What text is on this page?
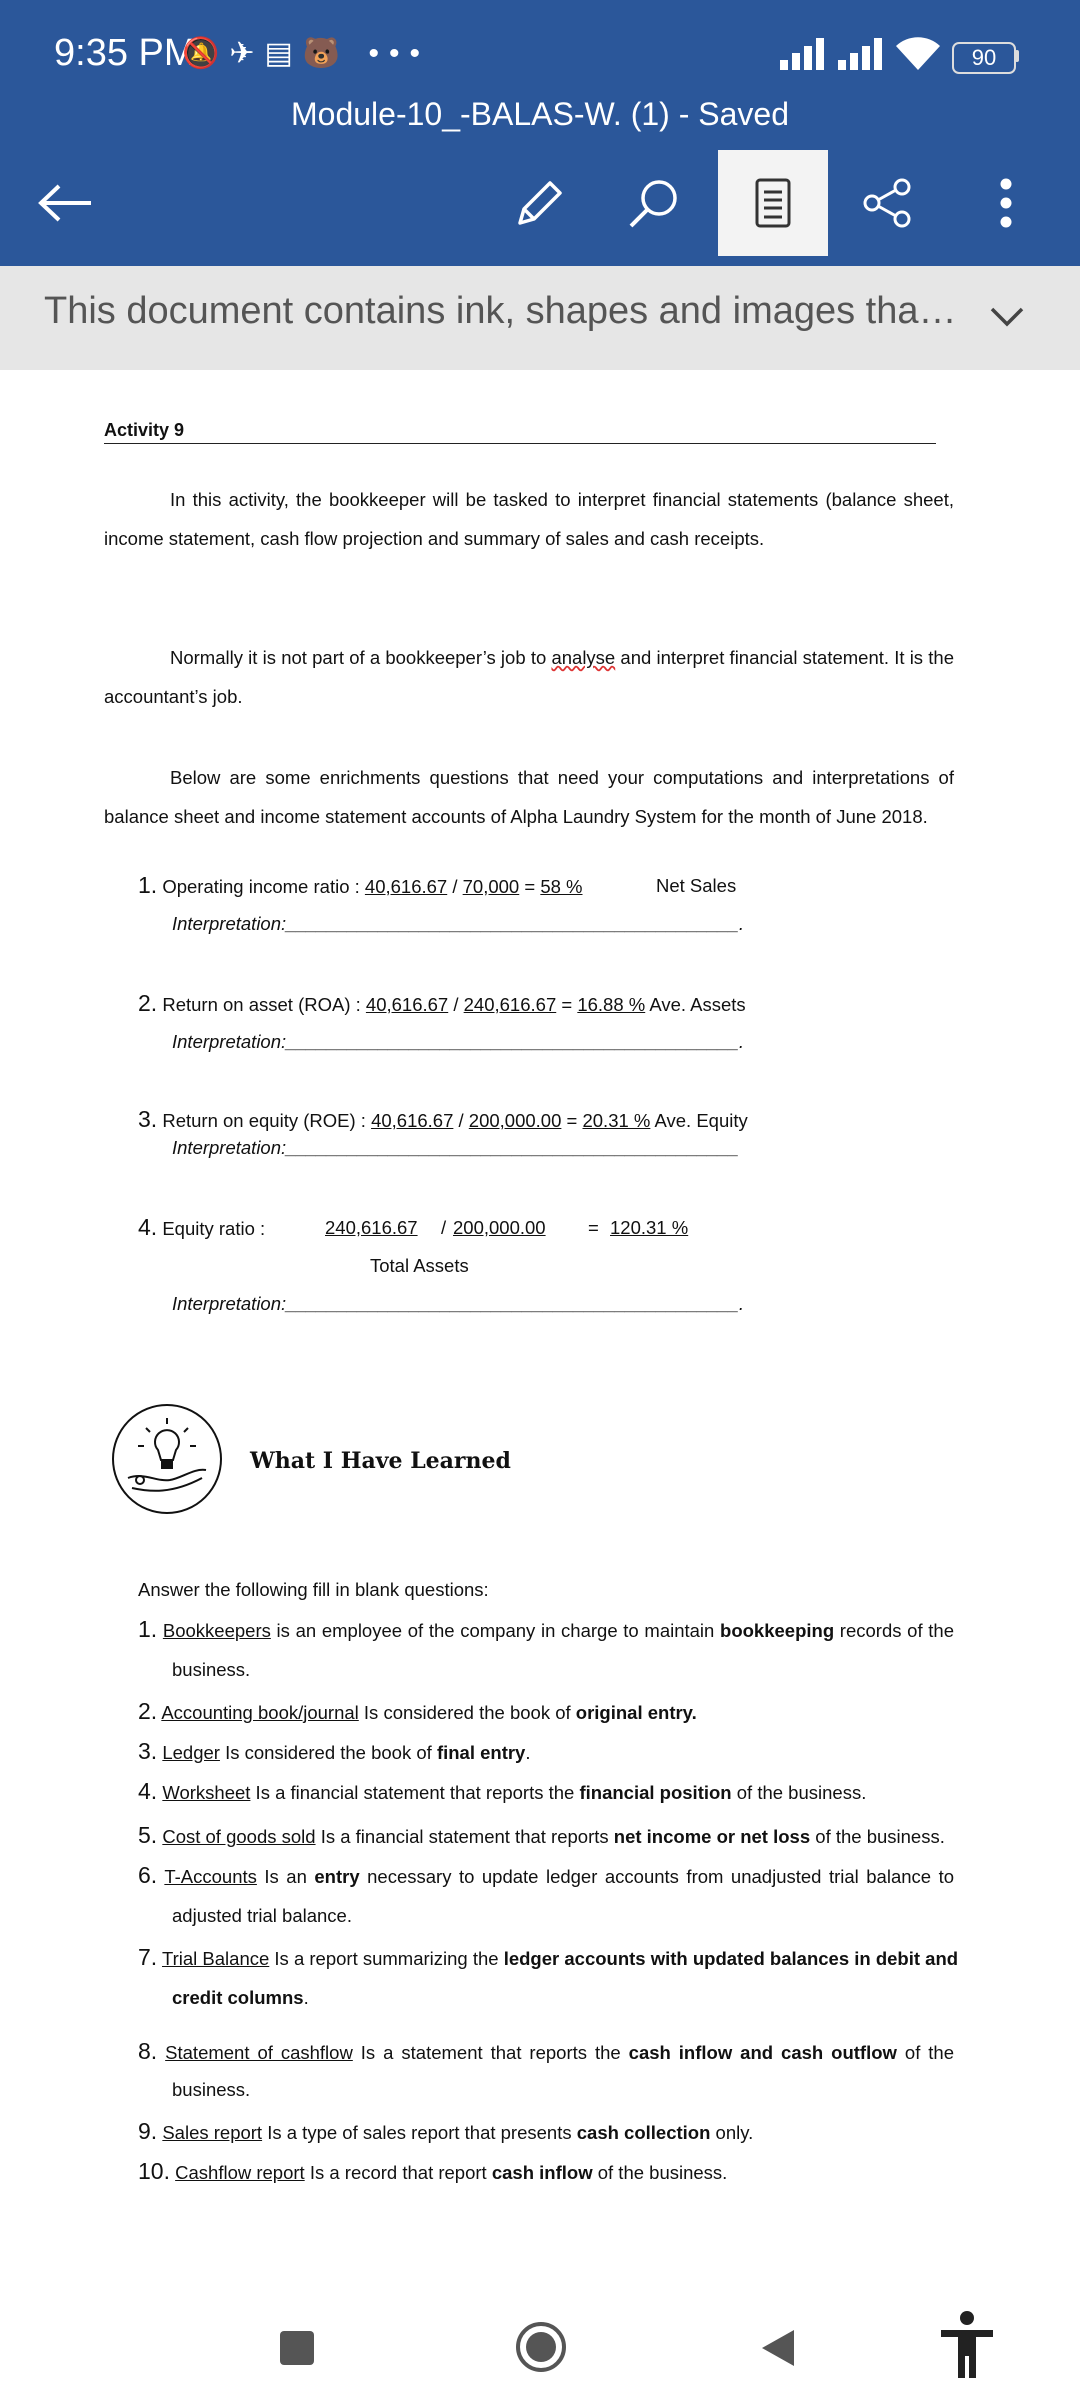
9:35 PM
🔕✈▤🐻 •••	90
Module-10_-BALAS-W. (1) - Saved
This document contains ink, shapes and images tha…
Activity 9
In this activity, the bookkeeper will be tasked to interpret financial statements (balance sheet,
income statement, cash flow projection and summary of sales and cash receipts.
Normally it is not part of a bookkeeper’s job to analyse and interpret financial statement. It is the
accountant’s job.
Below are some enrichments questions that need your computations and interpretations of
balance sheet and income statement accounts of Alpha Laundry System for the month of June 2018.
1. Operating income ratio : 40,616.67 / 70,000 = 58 %	Net Sales
Interpretation:____________________________________________.
2. Return on asset (ROA) : 40,616.67 / 240,616.67 = 16.88 % Ave. Assets
Interpretation:____________________________________________.
3. Return on equity (ROE) : 40,616.67 / 200,000.00 = 20.31 % Ave. Equity
Interpretation:____________________________________________
4. Equity ratio :	240,616.67 / 200,000.00 = 120.31 %
Total Assets
Interpretation:____________________________________________.
What I Have Learned
Answer the following fill in blank questions:
1. Bookkeepers is an employee of the company in charge to maintain bookkeeping records of the
business.
2. Accounting book/journal Is considered the book of original entry.
3. Ledger Is considered the book of final entry.
4. Worksheet Is a financial statement that reports the financial position of the business.
5. Cost of goods sold Is a financial statement that reports net income or net loss of the business.
6. T-Accounts Is an entry necessary to update ledger accounts from unadjusted trial balance to
adjusted trial balance.
7. Trial Balance Is a report summarizing the ledger accounts with updated balances in debit and
credit columns.
8. Statement of cashflow Is a statement that reports the cash inflow and cash outflow of the
business.
9. Sales report Is a type of sales report that presents cash collection only.
10. Cashflow report Is a record that report cash inflow of the business.
